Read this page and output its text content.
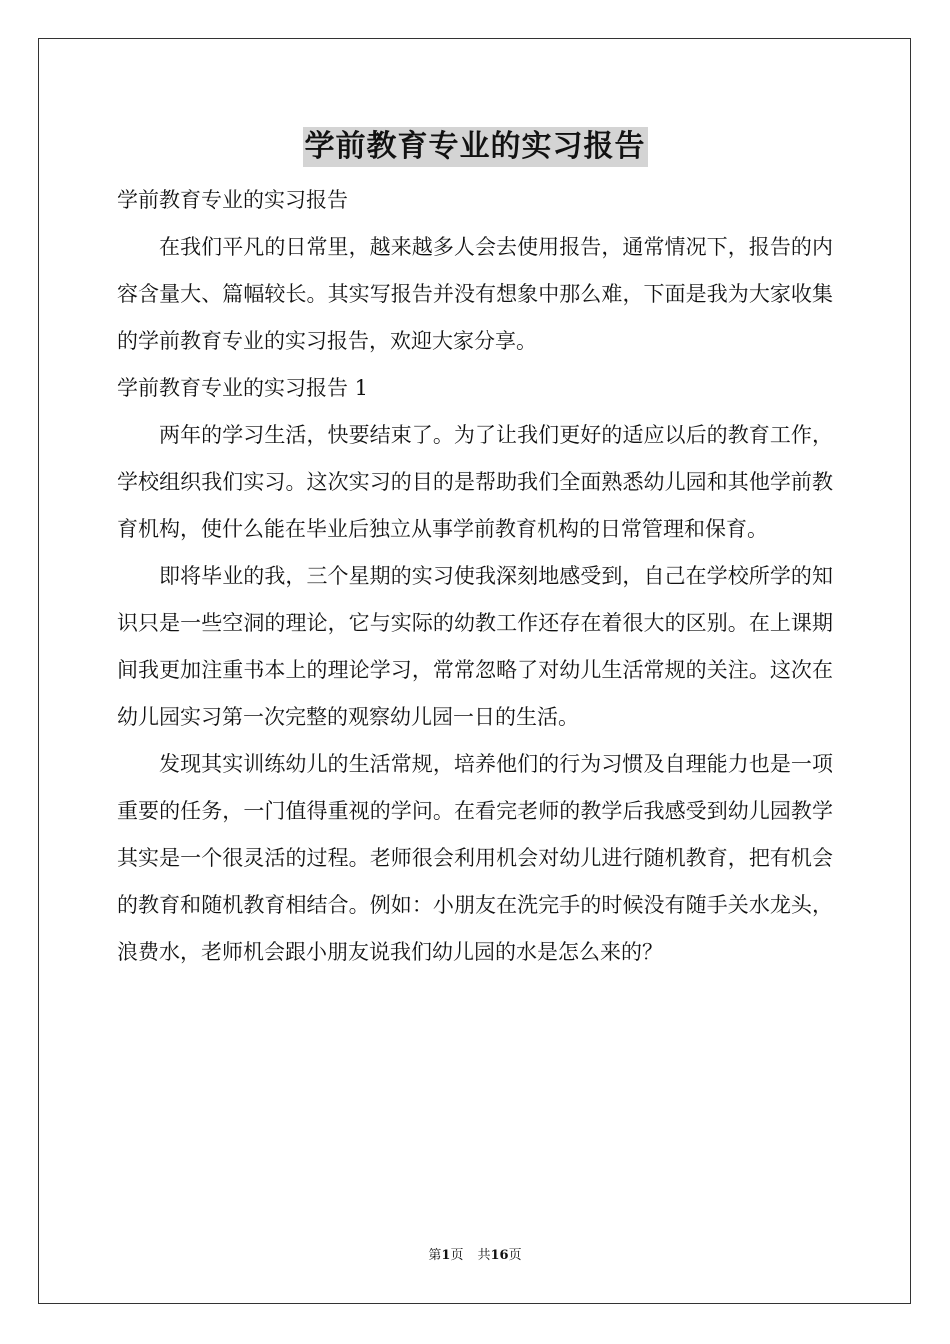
学前教育专业的实习报告

学前教育专业的实习报告

在我们平凡的日常里，越来越多人会去使用报告，通常情况下，报告的内容含量大、篇幅较长。其实写报告并没有想象中那么难，下面是我为大家收集的学前教育专业的实习报告，欢迎大家分享。

学前教育专业的实习报告 1

两年的学习生活，快要结束了。为了让我们更好的适应以后的教育工作，学校组织我们实习。这次实习的目的是帮助我们全面熟悉幼儿园和其他学前教育机构，使什么能在毕业后独立从事学前教育机构的日常管理和保育。

即将毕业的我，三个星期的实习使我深刻地感受到，自己在学校所学的知识只是一些空洞的理论，它与实际的幼教工作还存在着很大的区别。在上课期间我更加注重书本上的理论学习，常常忽略了对幼儿生活常规的关注。这次在幼儿园实习第一次完整的观察幼儿园一日的生活。

发现其实训练幼儿的生活常规，培养他们的行为习惯及自理能力也是一项重要的任务，一门值得重视的学问。在看完老师的教学后我感受到幼儿园教学其实是一个很灵活的过程。老师很会利用机会对幼儿进行随机教育，把有机会的教育和随机教育相结合。例如：小朋友在洗完手的时候没有随手关水龙头，浪费水，老师机会跟小朋友说我们幼儿园的水是怎么来的？

第1页 共16页
